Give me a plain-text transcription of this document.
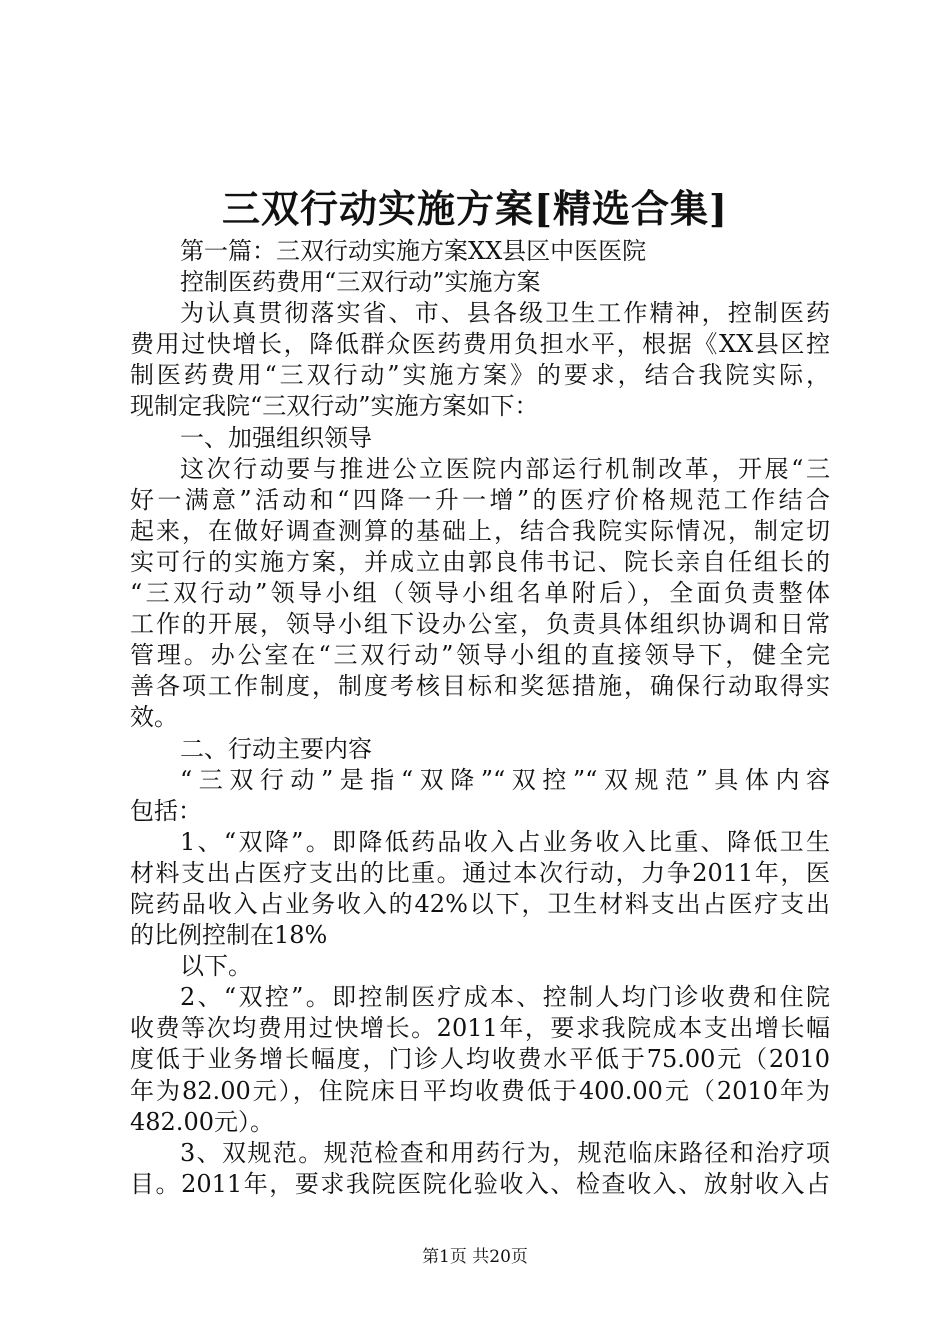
三双行动实施方案[精选合集]
第一篇：三双行动实施方案XX县区中医医院
控制医药费用“三双行动”实施方案
为认真贯彻落实省、市、县各级卫生工作精神，控制医药
费用过快增长，降低群众医药费用负担水平，根据《XX县区控
制医药费用“三双行动”实施方案》的要求，结合我院实际，
现制定我院“三双行动”实施方案如下：
一、加强组织领导
这次行动要与推进公立医院内部运行机制改革，开展“三
好一满意”活动和“四降一升一增”的医疗价格规范工作结合
起来，在做好调查测算的基础上，结合我院实际情况，制定切
实可行的实施方案，并成立由郭良伟书记、院长亲自任组长的
“三双行动”领导小组（领导小组名单附后），全面负责整体
工作的开展，领导小组下设办公室，负责具体组织协调和日常
管理。办公室在“三双行动”领导小组的直接领导下，健全完
善各项工作制度，制度考核目标和奖惩措施，确保行动取得实
效。
二、行动主要内容
“三双行动”是指“双降”“双控”“双规范”具体内容
包括：
1、“双降”。即降低药品收入占业务收入比重、降低卫生
材料支出占医疗支出的比重。通过本次行动，力争2011年，医
院药品收入占业务收入的42%以下，卫生材料支出占医疗支出
的比例控制在18%
以下。
2、“双控”。即控制医疗成本、控制人均门诊收费和住院
收费等次均费用过快增长。2011年，要求我院成本支出增长幅
度低于业务增长幅度，门诊人均收费水平低于75.00元（2010
年为82.00元），住院床日平均收费低于400.00元（2010年为
482.00元）。
3、双规范。规范检查和用药行为，规范临床路径和治疗项
目。2011年，要求我院医院化验收入、检查收入、放射收入占
第1页 共20页
